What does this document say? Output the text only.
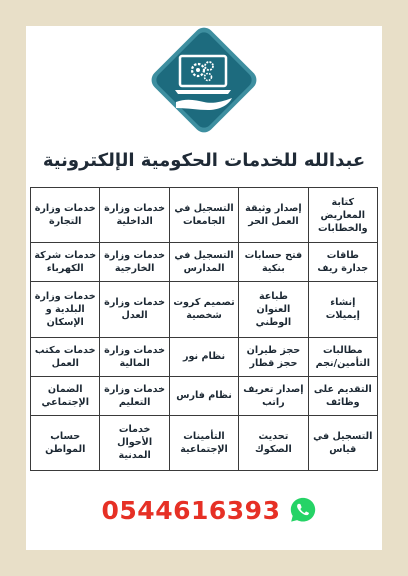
عبدالله للخدمات الحكومية الإلكترونية
كتابة المعاريض والخطابات	إصدار وثيقة العمل الحر	التسجيل في الجامعات	خدمات وزارة الداخلية	خدمات وزارة التجارة
طاقات جدارة ريف	فتح حسابات بنكية	التسجيل في المدارس	خدمات وزارة الخارجية	خدمات شركة الكهرباء
إنشاء إيميلات	طباعة العنوان الوطني	تصميم كروت شخصية	خدمات وزارة العدل	خدمات وزارة البلدية و الإسكان
مطالبات التأمين/نجم	حجز طيران حجز قطار	نظام نور	خدمات وزارة المالية	خدمات مكتب العمل
التقديم على وظائف	إصدار تعريف راتب	نظام فارس	خدمات وزارة التعليم	الضمان الإجتماعي
التسجيل في قياس	تحديث الصكوك	التأمينات الإجتماعية	خدمات الأحوال المدنية	حساب المواطن
0544616393
